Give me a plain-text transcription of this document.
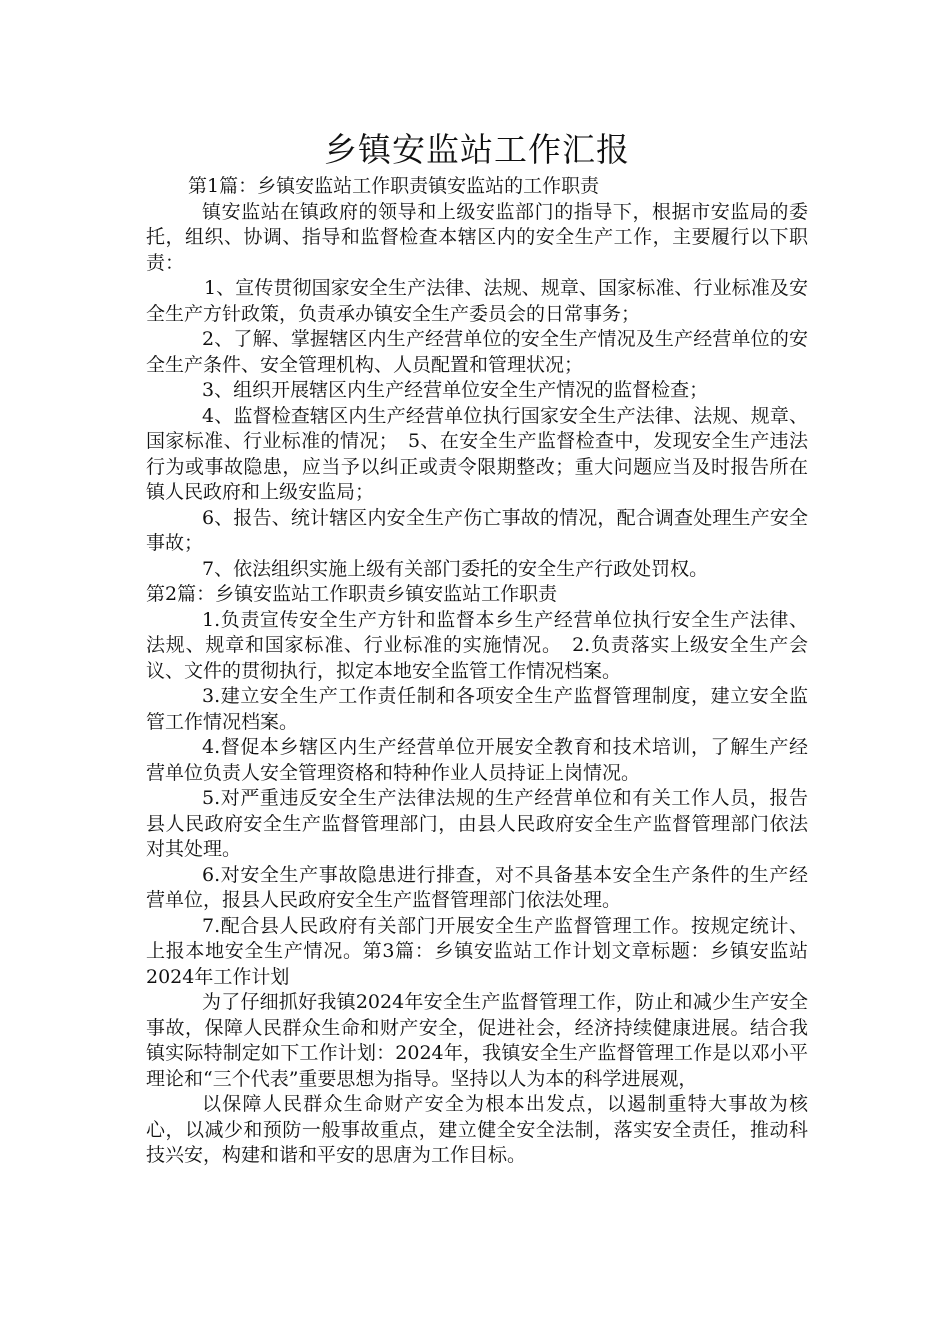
乡镇安监站工作汇报

第1篇：乡镇安监站工作职责镇安监站的工作职责

镇安监站在镇政府的领导和上级安监部门的指导下，根据市安监局的委托，组织、协调、指导和监督检查本辖区内的安全生产工作，主要履行以下职责：

1、宣传贯彻国家安全生产法律、法规、规章、国家标准、行业标准及安全生产方针政策，负责承办镇安全生产委员会的日常事务；

2、了解、掌握辖区内生产经营单位的安全生产情况及生产经营单位的安全生产条件、安全管理机构、人员配置和管理状况；

3、组织开展辖区内生产经营单位安全生产情况的监督检查；

4、监督检查辖区内生产经营单位执行国家安全生产法律、法规、规章、国家标准、行业标准的情况；　5、在安全生产监督检查中，发现安全生产违法行为或事故隐患，应当予以纠正或责令限期整改；重大问题应当及时报告所在镇人民政府和上级安监局；

6、报告、统计辖区内安全生产伤亡事故的情况，配合调查处理生产安全事故；

7、依法组织实施上级有关部门委托的安全生产行政处罚权。

第2篇：乡镇安监站工作职责乡镇安监站工作职责

1.负责宣传安全生产方针和监督本乡生产经营单位执行安全生产法律、法规、规章和国家标准、行业标准的实施情况。　2.负责落实上级安全生产会议、文件的贯彻执行，拟定本地安全监管工作情况档案。

3.建立安全生产工作责任制和各项安全生产监督管理制度，建立安全监管工作情况档案。

4.督促本乡辖区内生产经营单位开展安全教育和技术培训，了解生产经营单位负责人安全管理资格和特种作业人员持证上岗情况。

5.对严重违反安全生产法律法规的生产经营单位和有关工作人员，报告县人民政府安全生产监督管理部门，由县人民政府安全生产监督管理部门依法对其处理。

6.对安全生产事故隐患进行排查，对不具备基本安全生产条件的生产经营单位，报县人民政府安全生产监督管理部门依法处理。

7.配合县人民政府有关部门开展安全生产监督管理工作。按规定统计、上报本地安全生产情况。第3篇：乡镇安监站工作计划文章标题：乡镇安监站2024年工作计划

为了仔细抓好我镇2024年安全生产监督管理工作，防止和减少生产安全事故，保障人民群众生命和财产安全，促进社会，经济持续健康进展。结合我镇实际特制定如下工作计划：2024年，我镇安全生产监督管理工作是以邓小平理论和“三个代表”重要思想为指导。坚持以人为本的科学进展观，

以保障人民群众生命财产安全为根本出发点，以遏制重特大事故为核心，以减少和预防一般事故重点，建立健全安全法制，落实安全责任，推动科技兴安，构建和谐和平安的思唐为工作目标。
